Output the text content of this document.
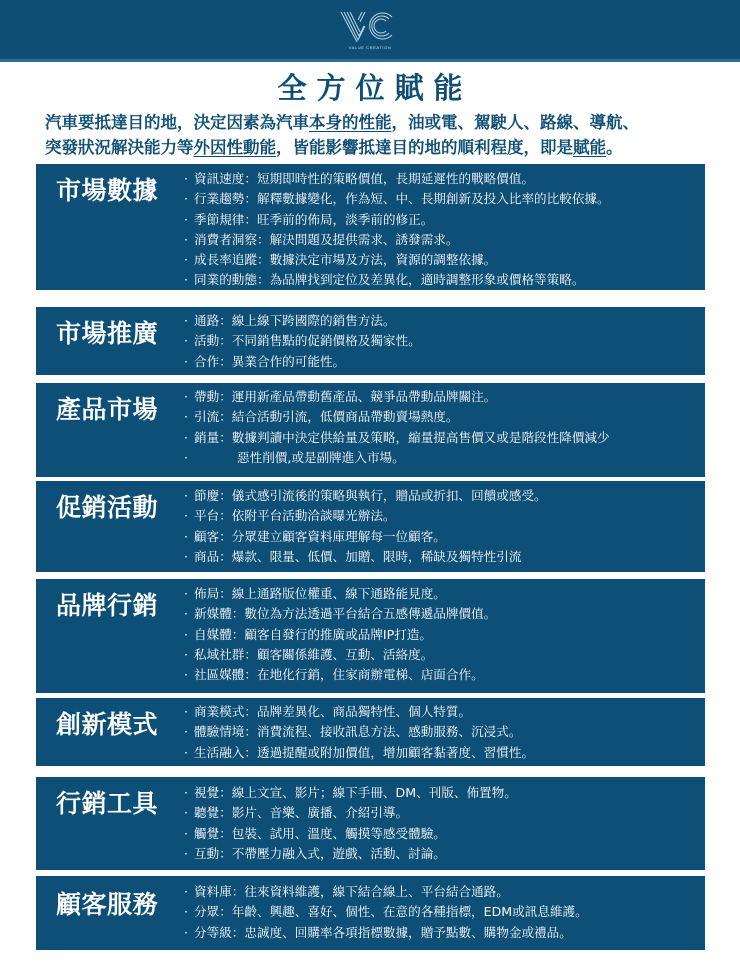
VALUE CREATION
全方位賦能
汽車要抵達目的地，決定因素為汽車本身的性能，油或電、駕駛人、路線、導航、
突發狀況解決能力等外因性動能，皆能影響抵達目的地的順利程度，即是賦能。
市場數據	· 資訊速度：短期即時性的策略價值，長期延遲性的戰略價值。
· 行業趨勢：解釋數據變化，作為短、中、長期創新及投入比率的比較依據。
· 季節規律：旺季前的佈局，淡季前的修正。
· 消費者洞察：解決問題及提供需求、誘發需求。
· 成長率追蹤：數據決定市場及方法，資源的調整依據。
· 同業的動態：為品牌找到定位及差異化，適時調整形象或價格等策略。
市場推廣	· 通路：線上線下跨國際的銷售方法。
· 活動：不同銷售點的促銷價格及獨家性。
· 合作：異業合作的可能性。
產品市場	· 帶動：運用新產品帶動舊產品、競爭品帶動品牌關注。
· 引流：結合活動引流，低價商品帶動賣場熱度。
· 銷量：數據判讀中決定供給量及策略，縮量提高售價又或是階段性降價減少
· 惡性削價,或是副牌進入市場。
促銷活動	· 節慶：儀式感引流後的策略與執行，贈品或折扣、回饋或感受。
· 平台：依附平台活動洽談曝光辦法。
· 顧客：分眾建立顧客資料庫理解每一位顧客。
· 商品：爆款、限量、低價、加贈、限時，稀缺及獨特性引流
品牌行銷	· 佈局：線上通路版位權重、線下通路能見度。
· 新媒體：數位為方法透過平台結合五感傳遞品牌價值。
· 自媒體：顧客自發行的推廣或品牌IP打造。
· 私域社群：顧客關係維護、互動、活絡度。
· 社區媒體：在地化行銷，住家商辦電梯、店面合作。
創新模式	· 商業模式：品牌差異化、商品獨特性、個人特質。
· 體驗情境：消費流程、接收訊息方法、感動服務、沉浸式。
· 生活融入：透過提醒或附加價值，增加顧客黏著度、習慣性。
行銷工具	· 視覺：線上文宣、影片；線下手冊、DM、刊版、佈置物。
· 聽覺：影片、音樂、廣播、介紹引導。
· 觸覺：包裝、試用、溫度、觸摸等感受體驗。
· 互動：不帶壓力融入式，遊戲、活動、討論。
顧客服務	· 資料庫：往來資料維護，線下結合線上、平台結合通路。
· 分眾：年齡、興趣、喜好、個性、在意的各種指標，EDM或訊息維護。
· 分等級：忠誠度、回購率各項指標數據，贈予點數、購物金或禮品。
